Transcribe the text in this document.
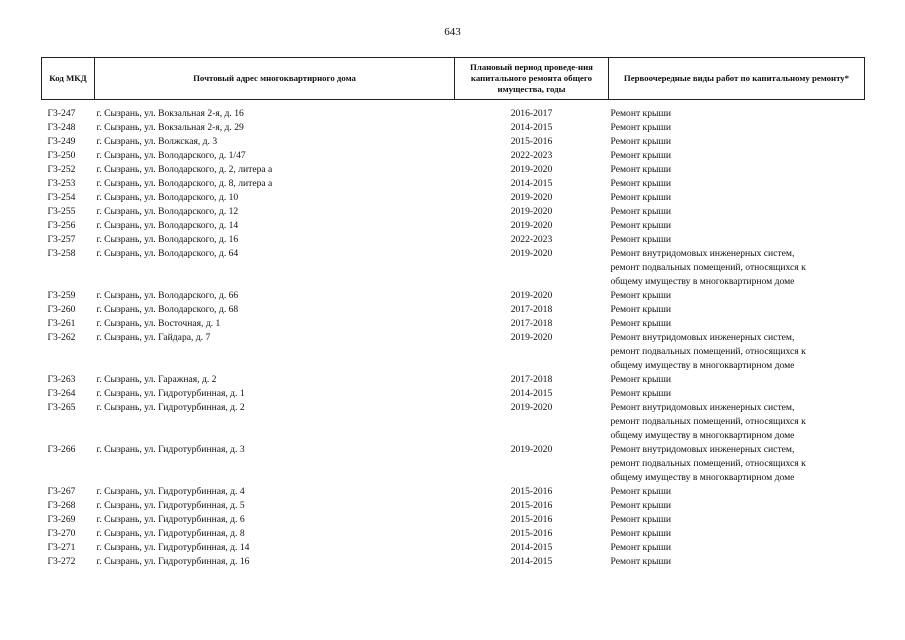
643
Код МКД	Почтовый адрес многоквартирного дома	Плановый период проведе-ния капитального ремонта общего имущества, годы	Первоочередные виды работ по капитальному ремонту*

Г3-247	г. Сызрань, ул. Вокзальная 2-я, д. 16	2016-2017	Ремонт крыши

Г3-248	г. Сызрань, ул. Вокзальная 2-я, д. 29	2014-2015	Ремонт крыши

Г3-249	г. Сызрань, ул. Волжская, д. 3	2015-2016	Ремонт крыши

Г3-250	г. Сызрань, ул. Володарского, д. 1/47	2022-2023	Ремонт крыши

Г3-252	г. Сызрань, ул. Володарского, д. 2, литера а	2019-2020	Ремонт крыши

Г3-253	г. Сызрань, ул. Володарского, д. 8, литера а	2014-2015	Ремонт крыши

Г3-254	г. Сызрань, ул. Володарского, д. 10	2019-2020	Ремонт крыши

Г3-255	г. Сызрань, ул. Володарского, д. 12	2019-2020	Ремонт крыши

Г3-256	г. Сызрань, ул. Володарского, д. 14	2019-2020	Ремонт крыши

Г3-257	г. Сызрань, ул. Володарского, д. 16	2022-2023	Ремонт крыши

Г3-258	г. Сызрань, ул. Володарского, д. 64	2019-2020	Ремонт внутридомовых инженерных систем,
ремонт подвальных помещений, относящихся к
общему имуществу в многоквартирном доме

Г3-259	г. Сызрань, ул. Володарского, д. 66	2019-2020	Ремонт крыши

Г3-260	г. Сызрань, ул. Володарского, д. 68	2017-2018	Ремонт крыши

Г3-261	г. Сызрань, ул. Восточная, д. 1	2017-2018	Ремонт крыши

Г3-262	г. Сызрань, ул. Гайдара, д. 7	2019-2020	Ремонт внутридомовых инженерных систем,
ремонт подвальных помещений, относящихся к
общему имуществу в многоквартирном доме

Г3-263	г. Сызрань, ул. Гаражная, д. 2	2017-2018	Ремонт крыши

Г3-264	г. Сызрань, ул. Гидротурбинная, д. 1	2014-2015	Ремонт крыши

Г3-265	г. Сызрань, ул. Гидротурбинная, д. 2	2019-2020	Ремонт внутридомовых инженерных систем,
ремонт подвальных помещений, относящихся к
общему имуществу в многоквартирном доме

Г3-266	г. Сызрань, ул. Гидротурбинная, д. 3	2019-2020	Ремонт внутридомовых инженерных систем,
ремонт подвальных помещений, относящихся к
общему имуществу в многоквартирном доме

Г3-267	г. Сызрань, ул. Гидротурбинная, д. 4	2015-2016	Ремонт крыши

Г3-268	г. Сызрань, ул. Гидротурбинная, д. 5	2015-2016	Ремонт крыши

Г3-269	г. Сызрань, ул. Гидротурбинная, д. 6	2015-2016	Ремонт крыши

Г3-270	г. Сызрань, ул. Гидротурбинная, д. 8	2015-2016	Ремонт крыши

Г3-271	г. Сызрань, ул. Гидротурбинная, д. 14	2014-2015	Ремонт крыши

Г3-272	г. Сызрань, ул. Гидротурбинная, д. 16	2014-2015	Ремонт крыши
